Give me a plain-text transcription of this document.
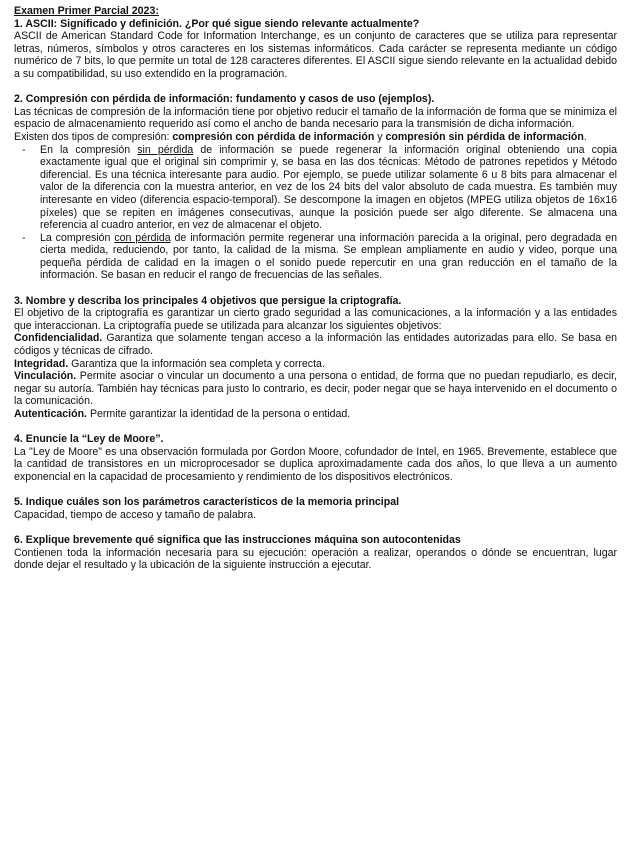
Examen Primer Parcial 2023:

1. ASCII: Significado y definición. ¿Por qué sigue siendo relevante actualmente?

ASCII de American Standard Code for Information Interchange, es un conjunto de caracteres que se utiliza para representar letras, números, símbolos y otros caracteres en los sistemas informáticos. Cada carácter se representa mediante un código numérico de 7 bits, lo que permite un total de 128 caracteres diferentes. El ASCII sigue siendo relevante en la actualidad debido a su compatibilidad, su uso extendido en la programación.

2. Compresión con pérdida de información: fundamento y casos de uso (ejemplos).

Las técnicas de compresión de la información tiene por objetivo reducir el tamaño de la información de forma que se minimiza el espacio de almacenamiento requerido así como el ancho de banda necesario para la transmisión de dicha información.

Existen dos tipos de compresión: compresión con pérdida de información y compresión sin pérdida de información.

- En la compresión sin pérdida de información se puede regenerar la información original obteniendo una copia exactamente igual que el original sin comprimir y, se basa en las dos técnicas: Método de patrones repetidos y Método diferencial. Es una técnica interesante para audio. Por ejemplo, se puede utilizar solamente 6 u 8 bits para almacenar el valor de la diferencia con la muestra anterior, en vez de los 24 bits del valor absoluto de cada muestra. Es también muy interesante en video (diferencia espacio-temporal). Se descompone la imagen en objetos (MPEG utiliza objetos de 16x16 píxeles) que se repiten en imágenes consecutivas, aunque la posición puede ser algo diferente. Se almacena una referencia al cuadro anterior, en vez de almacenar el objeto.
- La compresión con pérdida de información permite regenerar una información parecida a la original, pero degradada en cierta medida, reduciendo, por tanto, la calidad de la misma. Se emplean ampliamente en audio y video, porque una pequeña pérdida de calidad en la imagen o el sonido puede repercutir en una gran reducción en el tamaño de la información. Se basan en reducir el rango de frecuencias de las señales.

3. Nombre y describa los principales 4 objetivos que persigue la criptografía.

El objetivo de la criptografía es garantizar un cierto grado seguridad a las comunicaciones, a la información y a las entidades que interaccionan. La criptografía puede se utilizada para alcanzar los siguientes objetivos:

Confidencialidad. Garantiza que solamente tengan acceso a la información las entidades autorizadas para ello. Se basa en códigos y técnicas de cifrado.

Integridad. Garantiza que la información sea completa y correcta.

Vinculación. Permite asociar o vincular un documento a una persona o entidad, de forma que no puedan repudiarlo, es decir, negar su autoría. También hay técnicas para justo lo contrario, es decir, poder negar que se haya intervenido en el documento o la comunicación.

Autenticación. Permite garantizar la identidad de la persona o entidad.

4. Enuncie la “Ley de Moore”.

La "Ley de Moore" es una observación formulada por Gordon Moore, cofundador de Intel, en 1965. Brevemente, establece que la cantidad de transistores en un microprocesador se duplica aproximadamente cada dos años, lo que lleva a un aumento exponencial en la capacidad de procesamiento y rendimiento de los dispositivos electrónicos.

5. Indique cuáles son los parámetros característicos de la memoria principal

Capacidad, tiempo de acceso y tamaño de palabra.

6. Explique brevemente qué significa que las instrucciones máquina son autocontenidas

Contienen toda la información necesaria para su ejecución: operación a realizar, operandos o dónde se encuentran, lugar donde dejar el resultado y la ubicación de la siguiente instrucción a ejecutar.
